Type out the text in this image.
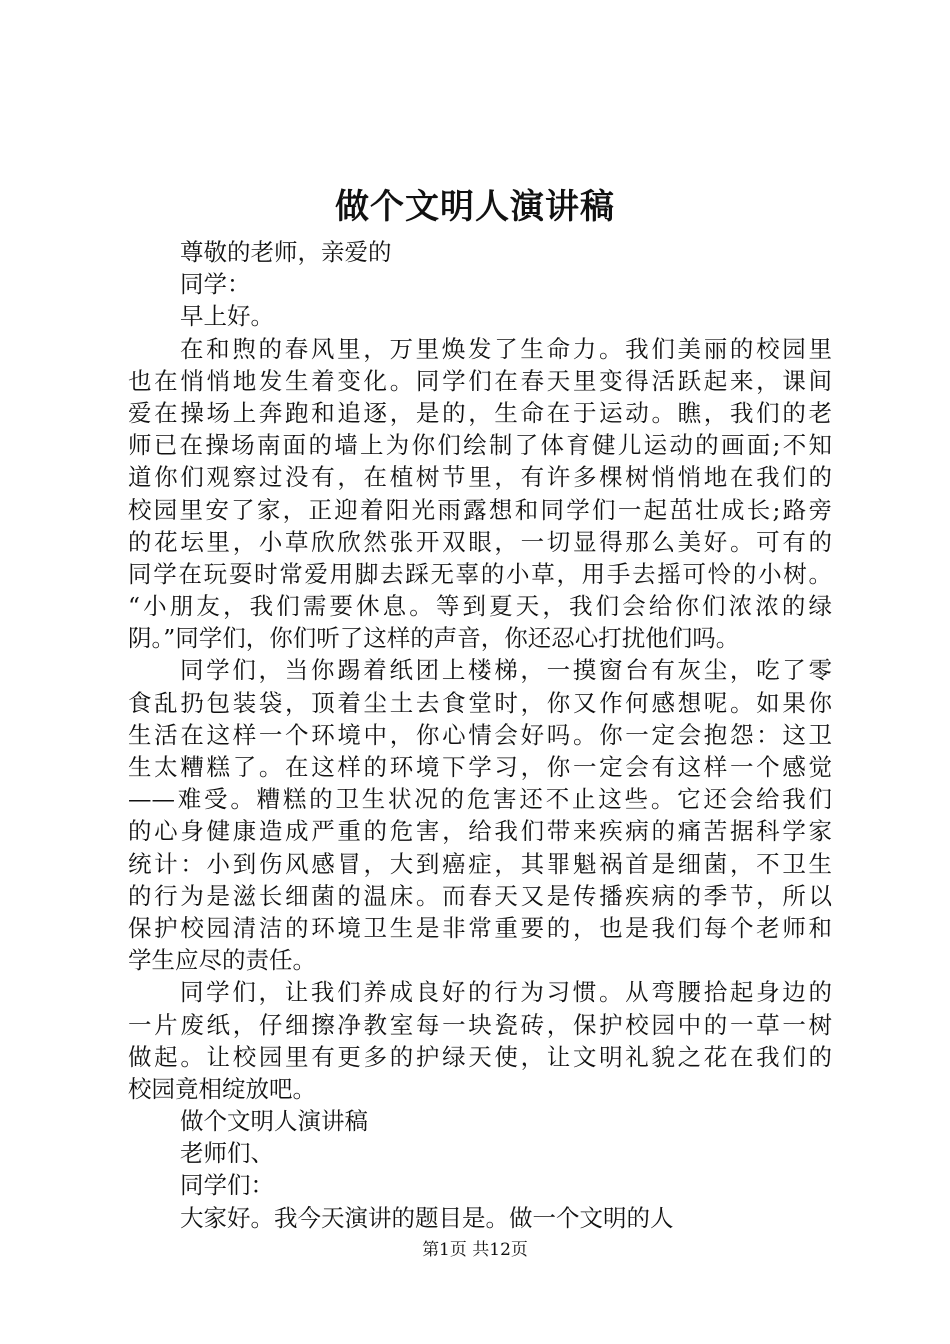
做个文明人演讲稿
尊敬的老师，亲爱的
同学：
早上好。
在和煦的春风里，万里焕发了生命力。我们美丽的校园里
也在悄悄地发生着变化。同学们在春天里变得活跃起来，课间
爱在操场上奔跑和追逐，是的，生命在于运动。瞧，我们的老
师已在操场南面的墙上为你们绘制了体育健儿运动的画面;不知
道你们观察过没有，在植树节里，有许多棵树悄悄地在我们的
校园里安了家，正迎着阳光雨露想和同学们一起茁壮成长;路旁
的花坛里，小草欣欣然张开双眼，一切显得那么美好。可有的
同学在玩耍时常爱用脚去踩无辜的小草，用手去摇可怜的小树。
“小朋友，我们需要休息。等到夏天，我们会给你们浓浓的绿
阴。”同学们，你们听了这样的声音，你还忍心打扰他们吗。
同学们，当你踢着纸团上楼梯，一摸窗台有灰尘，吃了零
食乱扔包装袋，顶着尘土去食堂时，你又作何感想呢。如果你
生活在这样一个环境中，你心情会好吗。你一定会抱怨：这卫
生太糟糕了。在这样的环境下学习，你一定会有这样一个感觉
——难受。糟糕的卫生状况的危害还不止这些。它还会给我们
的心身健康造成严重的危害，给我们带来疾病的痛苦据科学家
统计：小到伤风感冒，大到癌症，其罪魁祸首是细菌，不卫生
的行为是滋长细菌的温床。而春天又是传播疾病的季节，所以
保护校园清洁的环境卫生是非常重要的，也是我们每个老师和
学生应尽的责任。
同学们，让我们养成良好的行为习惯。从弯腰拾起身边的
一片废纸，仔细擦净教室每一块瓷砖，保护校园中的一草一树
做起。让校园里有更多的护绿天使，让文明礼貌之花在我们的
校园竟相绽放吧。
做个文明人演讲稿
老师们、
同学们：
大家好。我今天演讲的题目是。做一个文明的人
第1页 共12页
